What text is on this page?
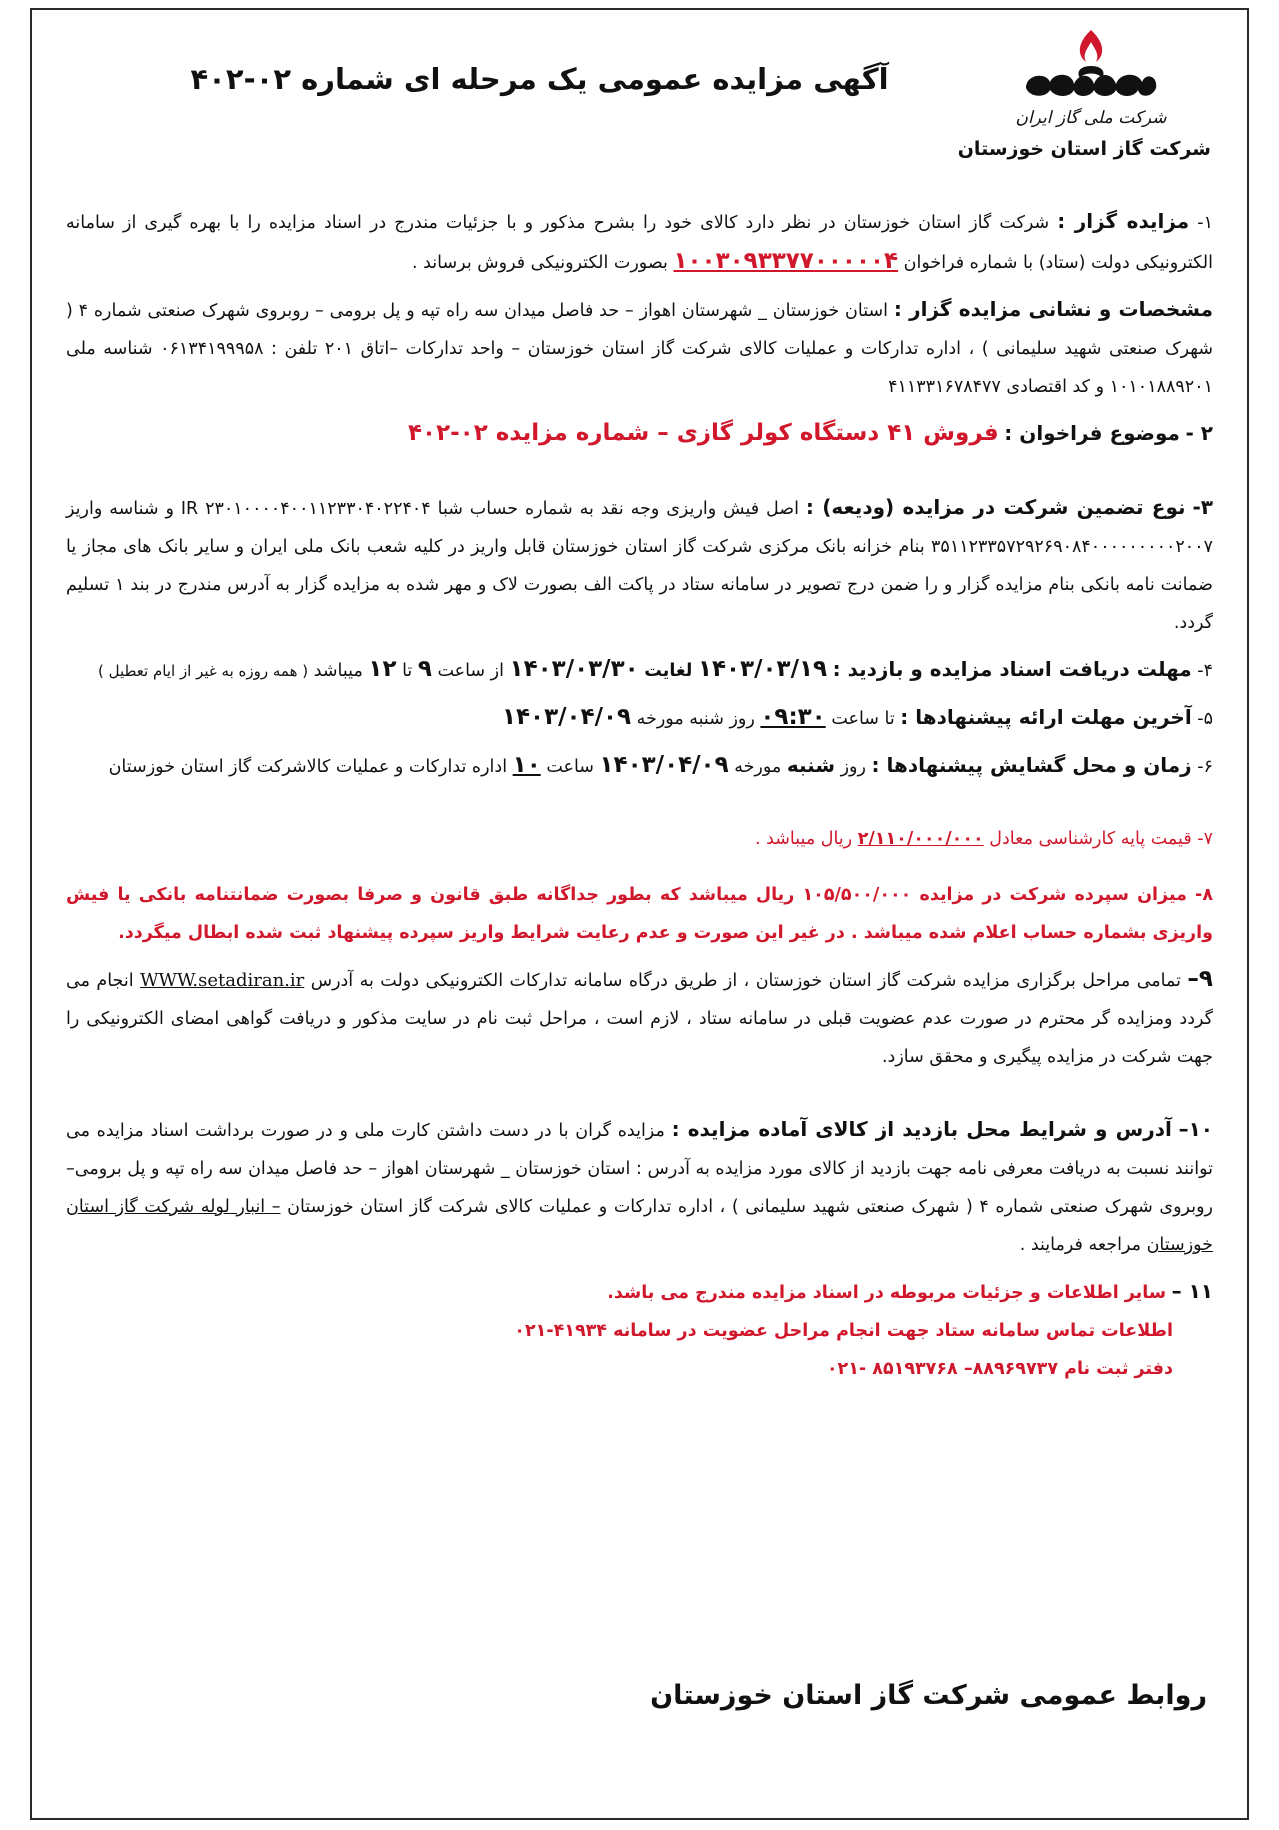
شرکت ملی گاز ایران
شرکت گاز استان خوزستان
آگهی مزایده عمومی یک مرحله ای شماره ۰۲-۴۰۲

۱- مزایده گزار : شرکت گاز استان خوزستان در نظر دارد کالای خود را بشرح مذکور و با جزئیات مندرج در اسناد مزایده را با بهره گیری از سامانه الکترونیکی دولت (ستاد) با شماره فراخوان ۱۰۰۳۰۹۳۳۷۷۰۰۰۰۰۴ بصورت الکترونیکی فروش برساند .

مشخصات و نشانی مزایده گزار : استان خوزستان _ شهرستان اهواز – حد فاصل میدان سه راه تپه و پل برومی – روبروی شهرک صنعتی شماره ۴ ( شهرک صنعتی شهید سلیمانی ) ، اداره تدارکات و عملیات کالای شرکت گاز استان خوزستان – واحد تدارکات –اتاق ۲۰۱ تلفن : ۰۶۱۳۴۱۹۹۹۵۸ شناسه ملی ۱۰۱۰۱۸۸۹۲۰۱ و کد اقتصادی ۴۱۱۳۳۱۶۷۸۴۷۷

۲ - موضوع فراخوان : فروش ۴۱ دستگاه کولر گازی – شماره مزایده ۰۲-۴۰۲

۳- نوع تضمین شرکت در مزایده (ودیعه) : اصل فیش واریزی وجه نقد به شماره حساب شبا IR ۲۳۰۱۰۰۰۰۴۰۰۱۱۲۳۳۰۴۰۲۲۴۰۴ و شناسه واریز ۳۵۱۱۲۳۳۵۷۲۹۲۶۹۰۸۴۰۰۰۰۰۰۰۰۰۲۰۰۷ بنام خزانه بانک مرکزی شرکت گاز استان خوزستان قابل واریز در کلیه شعب بانک ملی ایران و سایر بانک های مجاز یا ضمانت نامه بانکی بنام مزایده گزار و را ضمن درج تصویر در سامانه ستاد در پاکت الف بصورت لاک و مهر شده به مزایده گزار به آدرس مندرج در بند ۱ تسلیم گردد.

۴- مهلت دریافت اسناد مزایده و بازدید : ۱۴۰۳/۰۳/۱۹ لغایت ۱۴۰۳/۰۳/۳۰ از ساعت ۹ تا ۱۲ میباشد ( همه روزه به غیر از ایام تعطیل )

۵- آخرین مهلت ارائه پیشنهادها : تا ساعت ۰۹:۳۰ روز شنبه مورخه ۱۴۰۳/۰۴/۰۹

۶- زمان و محل گشایش پیشنهادها : روز شنبه مورخه ۱۴۰۳/۰۴/۰۹ ساعت ۱۰ اداره تدارکات و عملیات کالاشرکت گاز استان خوزستان

۷- قیمت پایه کارشناسی معادل ۲/۱۱۰/۰۰۰/۰۰۰ ریال میباشد .

۸- میزان سپرده شرکت در مزایده ۱۰۵/۵۰۰/۰۰۰ ریال میباشد که بطور جداگانه طبق قانون و صرفا بصورت ضمانتنامه بانکی یا فیش واریزی بشماره حساب اعلام شده میباشد . در غیر این صورت و عدم رعایت شرایط واریز سپرده پیشنهاد ثبت شده ابطال میگردد.

۹– تمامی مراحل برگزاری مزایده شرکت گاز استان خوزستان ، از طریق درگاه سامانه تدارکات الکترونیکی دولت به آدرس WWW.setadiran.ir انجام می گردد ومزایده گر محترم در صورت عدم عضویت قبلی در سامانه ستاد ، لازم است ، مراحل ثبت نام در سایت مذکور و دریافت گواهی امضای الکترونیکی را جهت شرکت در مزایده پیگیری و محقق سازد.

۱۰– آدرس و شرایط محل بازدید از کالای آماده مزایده : مزایده گران با در دست داشتن کارت ملی و در صورت برداشت اسناد مزایده می توانند نسبت به دریافت معرفی نامه جهت بازدید از کالای مورد مزایده به آدرس : استان خوزستان _ شهرستان اهواز – حد فاصل میدان سه راه تپه و پل برومی– روبروی شهرک صنعتی شماره ۴ ( شهرک صنعتی شهید سلیمانی ) ، اداره تدارکات و عملیات کالای شرکت گاز استان خوزستان – انبار لوله شرکت گاز استان خوزستان مراجعه فرمایند .

۱۱ – سایر اطلاعات و جزئیات مربوطه در اسناد مزایده مندرج می باشد.
اطلاعات تماس سامانه ستاد جهت انجام مراحل عضویت در سامانه ۴۱۹۳۴-۰۲۱
دفتر ثبت نام ۸۸۹۶۹۷۳۷– ۸۵۱۹۳۷۶۸ -۰۲۱
روابط عمومی شرکت گاز استان خوزستان
